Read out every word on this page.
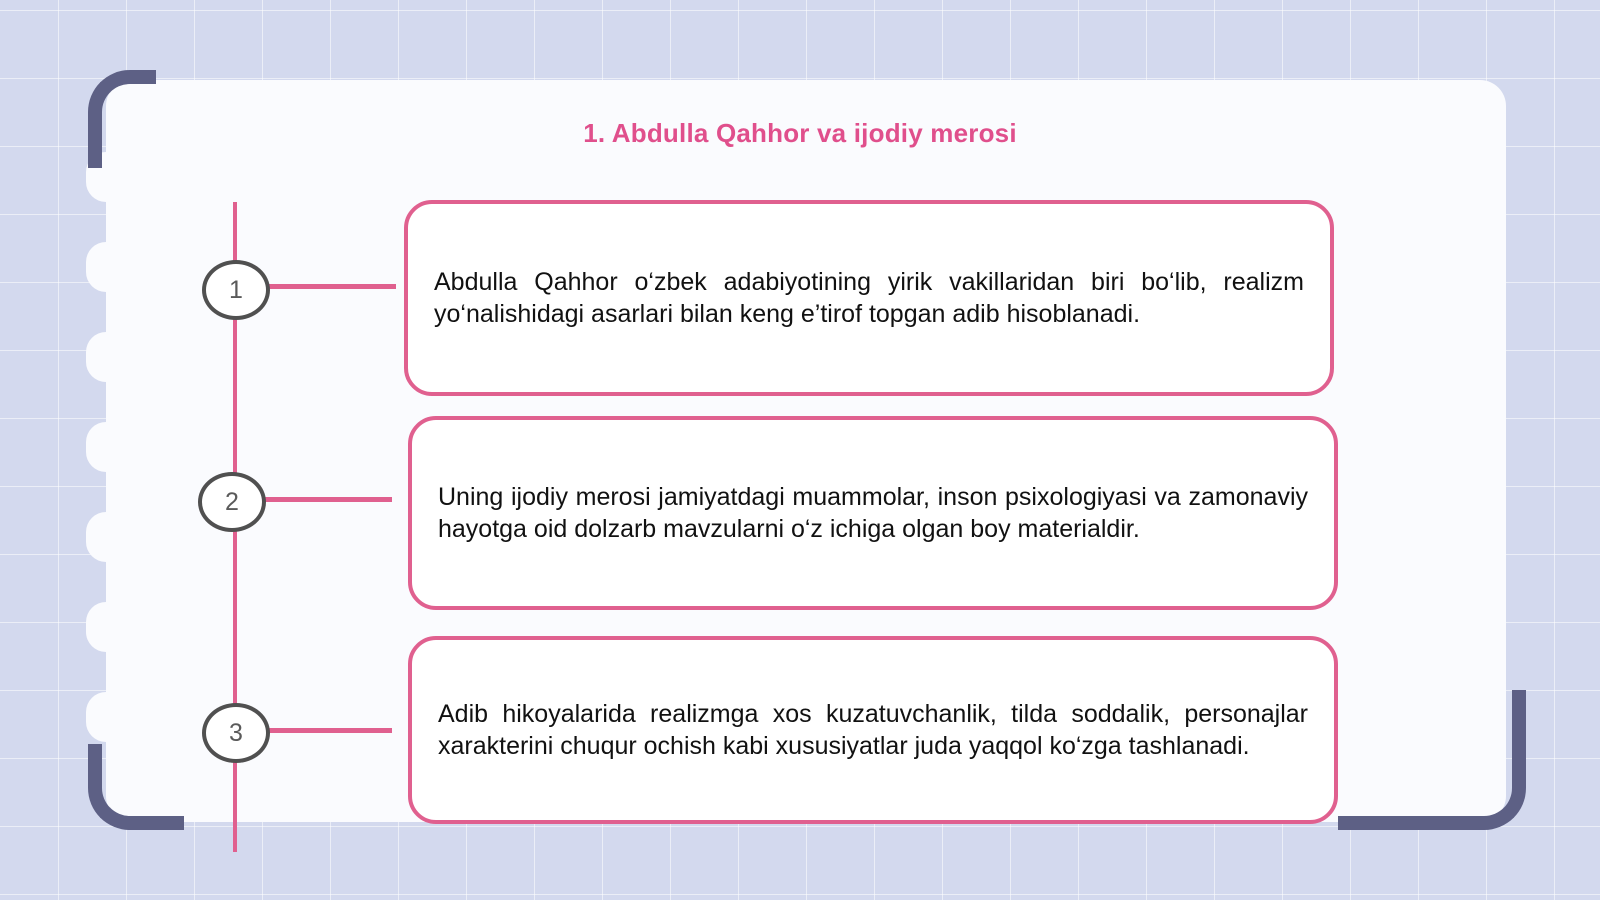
1. Abdulla Qahhor va ijodiy merosi
1
2
3
Abdulla Qahhor o‘zbek adabiyotining yirik vakillaridan biri bo‘lib, realizm yo‘nalishidagi asarlari bilan keng e’tirof topgan adib hisoblanadi.
Uning ijodiy merosi jamiyatdagi muammolar, inson psixologiyasi va zamonaviy hayotga oid dolzarb mavzularni o‘z ichiga olgan boy materialdir.
Adib hikoyalarida realizmga xos kuzatuvchanlik, tilda soddalik, personajlar xarakterini chuqur ochish kabi xususiyatlar juda yaqqol ko‘zga tashlanadi.
